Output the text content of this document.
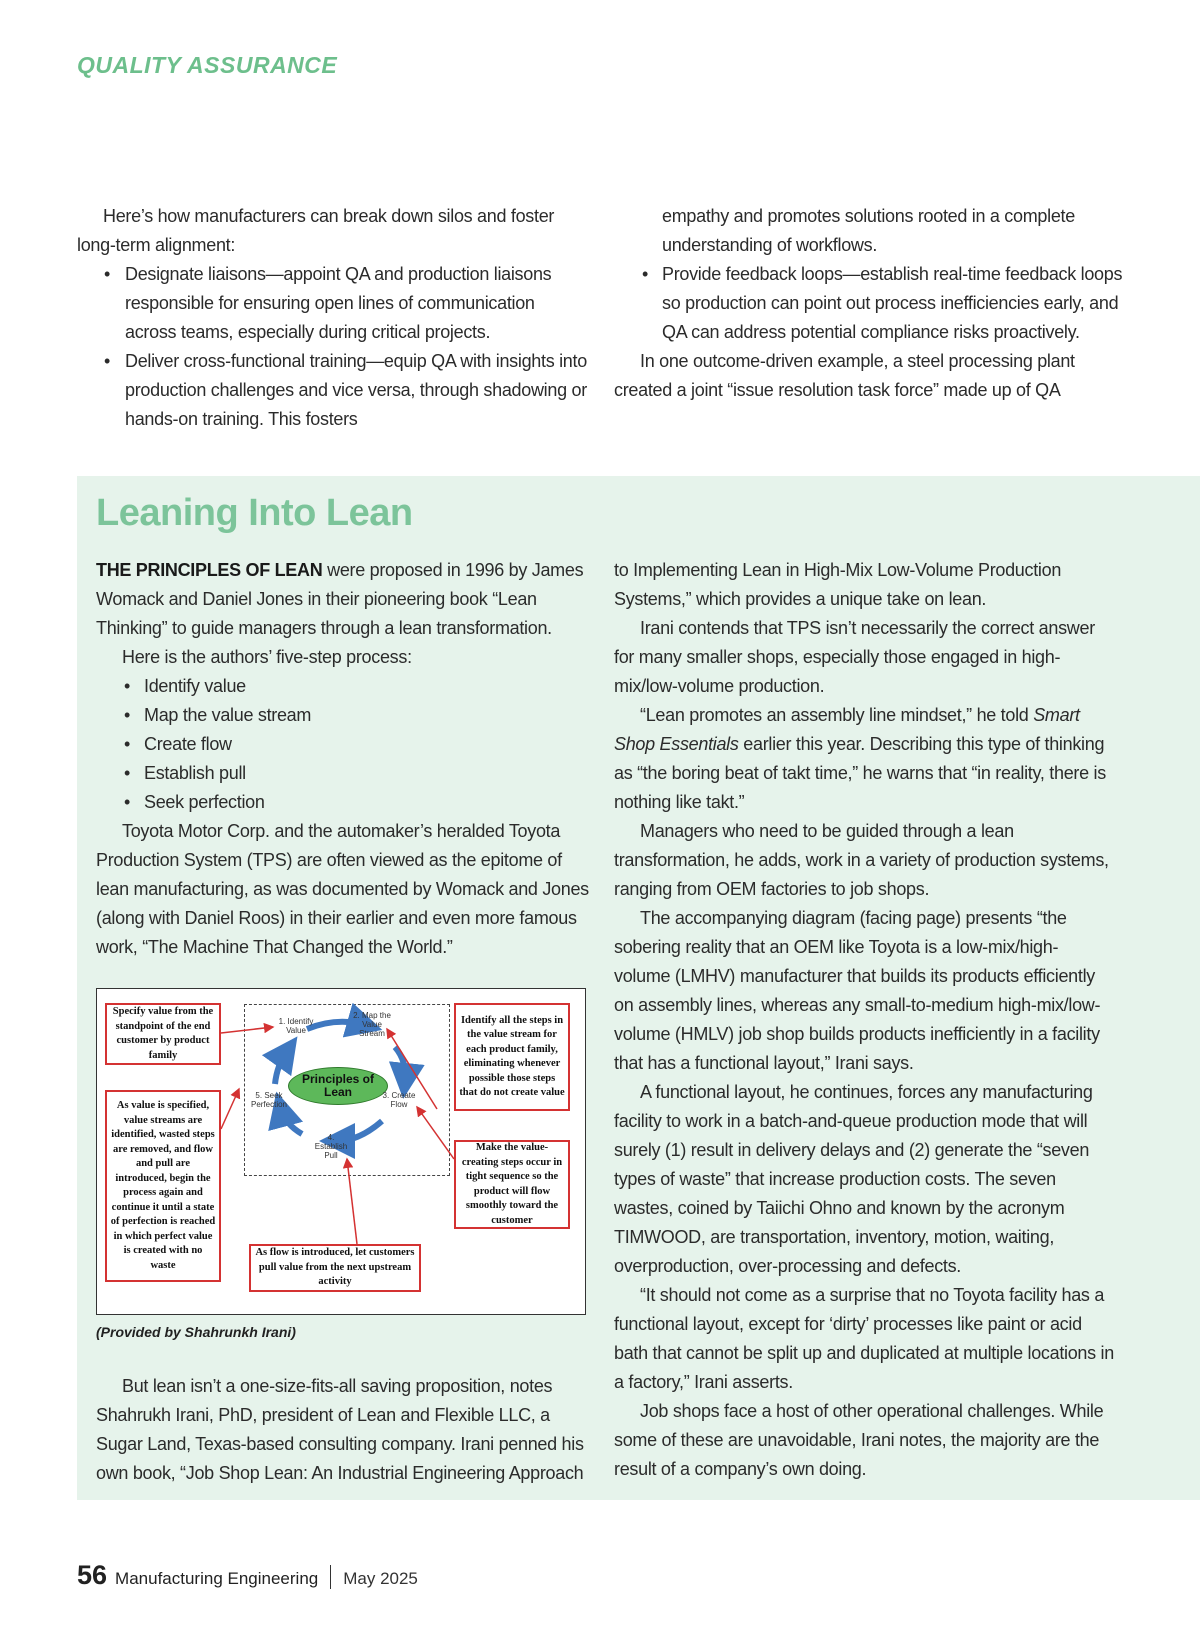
QUALITY ASSURANCE

Here’s how manufacturers can break down silos and foster long-term alignment:

• Designate liaisons—appoint QA and production liaisons responsible for ensuring open lines of communication across teams, especially during critical projects.
• Deliver cross-functional training—equip QA with insights into production challenges and vice versa, through shadowing or hands-on training. This fosters

empathy and promotes solutions rooted in a complete understanding of workflows.

• Provide feedback loops—establish real-time feedback loops so production can point out process inefficiencies early, and QA can address potential compliance risks proactively.

In one outcome-driven example, a steel processing plant created a joint “issue resolution task force” made up of QA

Leaning Into Lean

THE PRINCIPLES OF LEAN were proposed in 1996 by James Womack and Daniel Jones in their pioneering book “Lean Thinking” to guide managers through a lean transformation.

Here is the authors’ five-step process:

• Identify value
• Map the value stream
• Create flow
• Establish pull
• Seek perfection

Toyota Motor Corp. and the automaker’s heralded Toyota Production System (TPS) are often viewed as the epitome of lean manufacturing, as was documented by Womack and Jones (along with Daniel Roos) in their earlier and even more famous work, “The Machine That Changed the World.”

Specify value from the standpoint of the end customer by product family
As value is specified, value streams are identified, wasted steps are removed, and flow and pull are introduced, begin the process again and continue it until a state of perfection is reached in which perfect value is created with no waste
Identify all the steps in the value stream for each product family, eliminating whenever possible those steps that do not create value
Make the value-creating steps occur in tight sequence so the product will flow smoothly toward the customer
As flow is introduced, let customers pull value from the next upstream activity
Principles of Lean
1. Identify Value
2. Map the Value Stream
3. Create Flow
4. Establish Pull
5. Seek Perfection
(Provided by Shahrunkh Irani)

But lean isn’t a one-size-fits-all saving proposition, notes Shahrukh Irani, PhD, president of Lean and Flexible LLC, a Sugar Land, Texas-based consulting company. Irani penned his own book, “Job Shop Lean: An Industrial Engineering Approach

to Implementing Lean in High-Mix Low-Volume Production Systems,” which provides a unique take on lean.

Irani contends that TPS isn’t necessarily the correct answer for many smaller shops, especially those engaged in high-mix/low-volume production.

“Lean promotes an assembly line mindset,” he told Smart Shop Essentials earlier this year. Describing this type of thinking as “the boring beat of takt time,” he warns that “in reality, there is nothing like takt.”

Managers who need to be guided through a lean transformation, he adds, work in a variety of production systems, ranging from OEM factories to job shops.

The accompanying diagram (facing page) presents “the sobering reality that an OEM like Toyota is a low-mix/high-volume (LMHV) manufacturer that builds its products efficiently on assembly lines, whereas any small-to-medium high-mix/low-volume (HMLV) job shop builds products inefficiently in a facility that has a functional layout,” Irani says.

A functional layout, he continues, forces any manufacturing facility to work in a batch-and-queue production mode that will surely (1) result in delivery delays and (2) generate the “seven types of waste” that increase production costs. The seven wastes, coined by Taiichi Ohno and known by the acronym TIMWOOD, are transportation, inventory, motion, waiting, overproduction, over-processing and defects.

“It should not come as a surprise that no Toyota facility has a functional layout, except for ‘dirty’ processes like paint or acid bath that cannot be split up and duplicated at multiple locations in a factory,” Irani asserts.

Job shops face a host of other operational challenges. While some of these are unavoidable, Irani notes, the majority are the result of a company’s own doing.

56 Manufacturing Engineering May 2025
